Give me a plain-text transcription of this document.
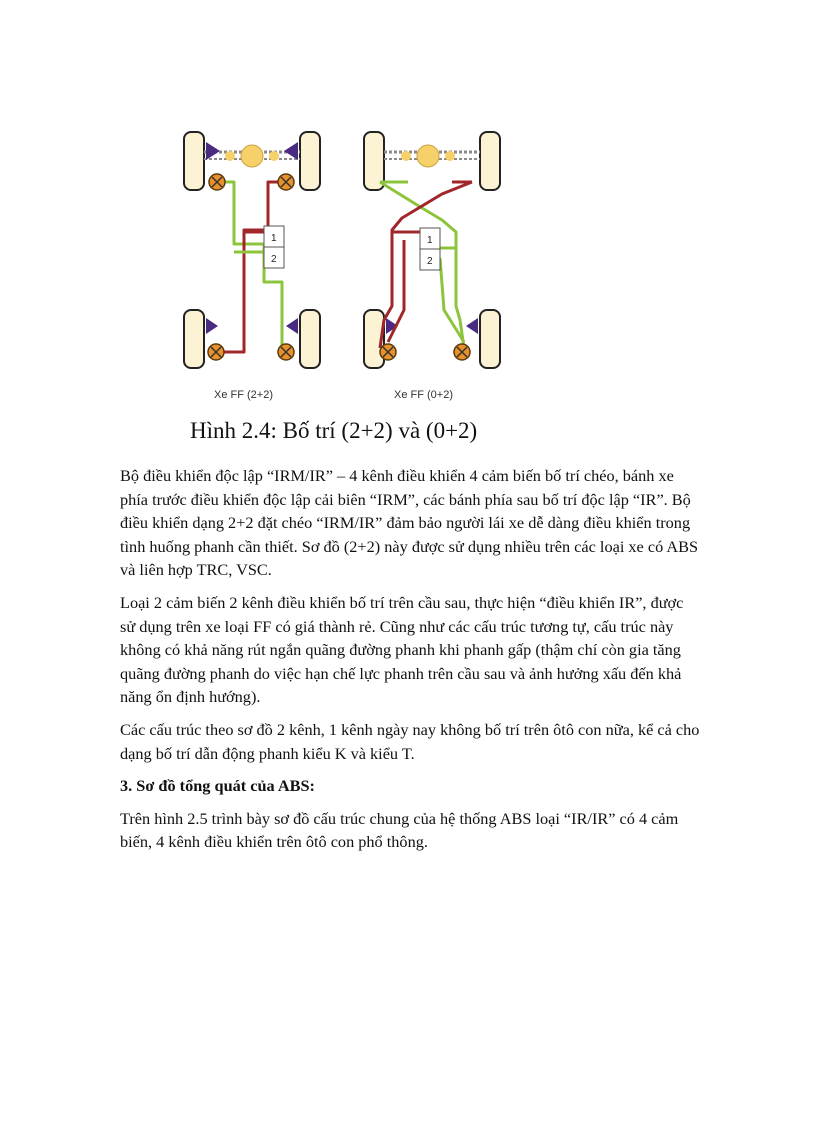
1
2
Xe FF (2+2)
1
2
Xe FF (0+2)
Hình 2.4: Bố trí (2+2) và (0+2)

Bộ điều khiển độc lập “IRM/IR” – 4 kênh điều khiển 4 cảm biến bố trí chéo, bánh xe phía trước điều khiển độc lập cải biên “IRM”, các bánh phía sau bố trí độc lập “IR”. Bộ điều khiển dạng 2+2 đặt chéo “IRM/IR” đảm bảo người lái xe dễ dàng điều khiển trong tình huống phanh cần thiết. Sơ đồ (2+2) này được sử dụng nhiều trên các loại xe có ABS và liên hợp TRC, VSC.

Loại 2 cảm biến 2 kênh điều khiển bố trí trên cầu sau, thực hiện “điều khiển IR”, được sử dụng trên xe loại FF có giá thành rẻ. Cũng như các cấu trúc tương tự, cấu trúc này không có khả năng rút ngắn quãng đường phanh khi phanh gấp (thậm chí còn gia tăng quãng đường phanh do việc hạn chế lực phanh trên cầu sau và ảnh hưởng xấu đến khả năng ổn định hướng).

Các cấu trúc theo sơ đồ 2 kênh, 1 kênh ngày nay không bố trí trên ôtô con nữa, kể cả cho dạng bố trí dẫn động phanh kiểu K và kiểu T.

3. Sơ đồ tổng quát của ABS:

Trên hình 2.5 trình bày sơ đồ cấu trúc chung của hệ thống ABS loại “IR/IR” có 4 cảm biến, 4 kênh điều khiển trên ôtô con phổ thông.
